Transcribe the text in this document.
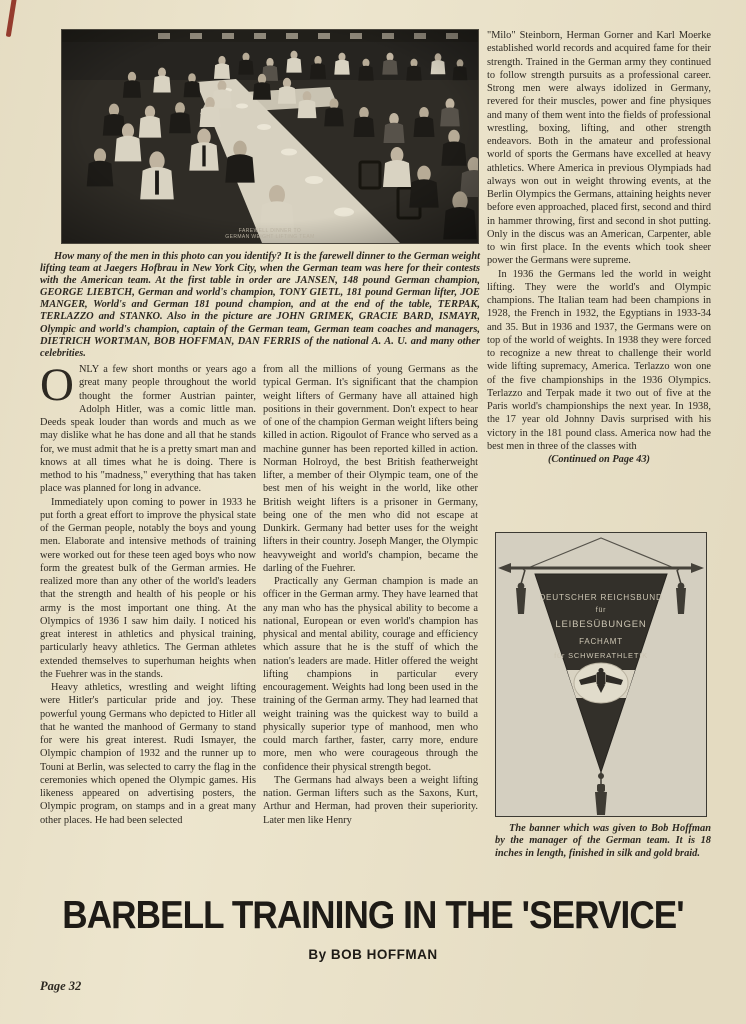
FAREWELL DINNER TO
GERMAN WEIGHT LIFTING TEAM

How many of the men in this photo can you identify? It is the farewell dinner to the German weight lifting team at Jaegers Hofbrau in New York City, when the German team was here for their contests with the American team. At the first table in order are JANSEN, 148 pound German champion, GEORGE LIEBTCH, German and world's champion, TONY GIETL, 181 pound German lifter, JOE MANGER, World's and German 181 pound champion, and at the end of the table, TERPAK, TERLAZZO and STANKO. Also in the picture are JOHN GRIMEK, GRACIE BARD, ISMAYR, Olympic and world's champion, captain of the German team, German team coaches and managers, DIETRICH WORTMAN, BOB HOFFMAN, DAN FERRIS of the national A. A. U. and many other celebrities.

ONLY a few short months or years ago a great many people throughout the world thought the former Austrian painter, Adolph Hitler, was a comic little man. Deeds speak louder than words and much as we may dislike what he has done and all that he stands for, we must admit that he is a pretty smart man and knows at all times what he is doing. There is method to his "madness," everything that has taken place was planned for long in advance.

Immediately upon coming to power in 1933 he put forth a great effort to improve the physical state of the German people, notably the boys and young men. Elaborate and intensive methods of training were worked out for these teen aged boys who now form the greatest bulk of the German armies. He realized more than any other of the world's leaders that the strength and health of his people or his army is the most important one thing. At the Olympics of 1936 I saw him daily. I noticed his great interest in athletics and physical training, particularly heavy athletics. The German athletes extended themselves to superhuman heights when the Fuehrer was in the stands.

Heavy athletics, wrestling and weight lifting were Hitler's particular pride and joy. These powerful young Germans who depicted to Hitler all that he wanted the manhood of Germany to stand for were his great interest. Rudi Ismayer, the Olympic champion of 1932 and the runner up to Touni at Berlin, was selected to carry the flag in the ceremonies which opened the Olympic games. His likeness appeared on advertising posters, the Olympic program, on stamps and in a great many other places. He had been selected

from all the millions of young Germans as the typical German. It's significant that the champion weight lifters of Germany have all attained high positions in their government. Don't expect to hear of one of the champion German weight lifters being killed in action. Rigoulot of France who served as a machine gunner has been reported killed in action. Norman Holroyd, the best British featherweight lifter, a member of their Olympic team, one of the best men of his weight in the world, like other British weight lifters is a prisoner in Germany, being one of the men who did not escape at Dunkirk. Germany had better uses for the weight lifters in their country. Joseph Manger, the Olympic heavyweight and world's champion, became the darling of the Fuehrer.

Practically any German champion is made an officer in the German army. They have learned that any man who has the physical ability to become a national, European or even world's champion has physical and mental ability, courage and efficiency which assure that he is the stuff of which the nation's leaders are made. Hitler offered the weight lifting champions in particular every encouragement. Weights had long been used in the training of the German army. They had learned that weight training was the quickest way to build a physically superior type of manhood, men who could march farther, faster, carry more, endure more, men who were courageous through the confidence their physical strength begot.

The Germans had always been a weight lifting nation. German lifters such as the Saxons, Kurt, Arthur and Herman, had proven their superiority. Later men like Henry

"Milo" Steinborn, Herman Gorner and Karl Moerke established world records and acquired fame for their strength. Trained in the German army they continued to follow strength pursuits as a professional career. Strong men were always idolized in Germany, revered for their muscles, power and fine physiques and many of them went into the fields of professional wrestling, boxing, lifting, and other strength endeavors. Both in the amateur and professional world of sports the Germans have excelled at heavy athletics. Where America in previous Olympiads had always won out in weight throwing events, at the Berlin Olympics the Germans, attaining heights never before even approached, placed first, second and third in hammer throwing, first and second in shot putting. Only in the discus was an American, Carpenter, able to win first place. In the events which took sheer power the Germans were supreme.

In 1936 the Germans led the world in weight lifting. They were the world's and Olympic champions. The Italian team had been champions in 1928, the French in 1932, the Egyptians in 1933-34 and 35. But in 1936 and 1937, the Germans were on top of the world of weights. In 1938 they were forced to recognize a new threat to challenge their world wide lifting supremacy, America. Terlazzo won one of the five championships in the 1936 Olympics. Terlazzo and Terpak made it two out of five at the Paris world's championships the next year. In 1938, the 17 year old Johnny Davis surprised with his victory in the 181 pound class. America now had the best men in three of the classes with

(Continued on Page 43)

DEUTSCHER REICHSBUND
für
LEIBESÜBUNGEN
FACHAMT
für SCHWERATHLETIK

The banner which was given to Bob Hoffman by the manager of the German team. It is 18 inches in length, finished in silk and gold braid.

BARBELL TRAINING IN THE 'SERVICE'
By BOB HOFFMAN
Page 32
